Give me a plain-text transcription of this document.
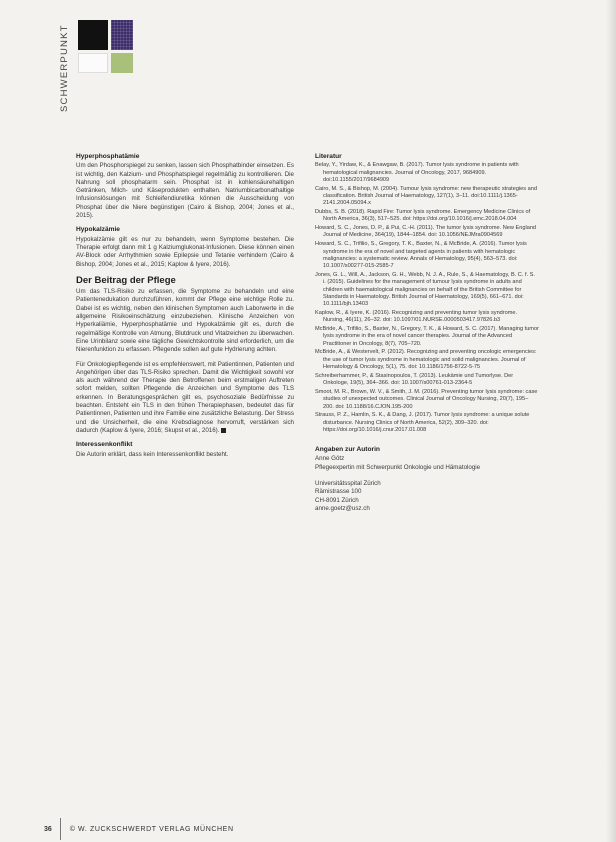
SCHWERPUNKT
Hyperphosphatämie

Um den Phosphorspiegel zu senken, lassen sich Phosphatbinder einsetzen. Es ist wichtig, den Kalzium- und Phosphatspiegel regelmäßig zu kontrollieren. Die Nahrung soll phosphatarm sein. Phosphat ist in kohlensäurehaltigen Getränken, Milch- und Käseprodukten enthalten. Natriumbicarbonathaltige Infusionslösungen mit Schleifendiuretika können die Ausscheidung von Phosphat über die Niere begünstigen (Cairo & Bishop, 2004; Jones et al., 2015).

Hypokalzämie

Hypokalzämie gilt es nur zu behandeln, wenn Symptome bestehen. Die Therapie erfolgt dann mit 1 g Kalziumglukonat-Infusionen. Diese können einen AV-Block oder Arrhythmien sowie Epilepsie und Tetanie verhindern (Cairo & Bishop, 2004; Jones et al., 2015; Kaplow & Iyere, 2016).

Der Beitrag der Pflege

Um das TLS-Risiko zu erfassen, die Symptome zu behandeln und eine Patientenedukation durchzuführen, kommt der Pflege eine wichtige Rolle zu. Dabei ist es wichtig, neben den klinischen Symptomen auch Laborwerte in die allgemeine Risikoeinschätzung einzubeziehen. Klinische Anzeichen von Hyperkaliämie, Hyperphosphatämie und Hypokalzämie gilt es, durch die regelmäßige Kontrolle von Atmung, Blutdruck und Vitalzeichen zu überwachen. Eine Urinbilanz sowie eine tägliche Gewichtskontrolle sind erforderlich, um die Nierenfunktion zu erfassen. Pflegende sollen auf gute Hydrierung achten.

Für Onkologiepflegende ist es empfehlenswert, mit Patientinnen, Patienten und Angehörigen über das TLS-Risiko sprechen. Damit die Wichtigkeit sowohl vor als auch während der Therapie den Betroffenen beim erstmaligen Auftreten sofort melden, sollten Pflegende die Anzeichen und Symptome des TLS erkennen. In Beratungsgesprächen gilt es, psychosoziale Bedürfnisse zu beachten. Entsteht ein TLS in den frühen Therapiephasen, bedeutet das für Patientinnen, Patienten und ihre Familie eine zusätzliche Belastung. Der Stress und die Unsicherheit, die eine Krebsdiagnose hervorruft, verstärken sich dadurch (Kaplow & Iyere, 2016; Skupst et al., 2016).

Interessenkonflikt

Die Autorin erklärt, dass kein Interessenkonflikt besteht.

Literatur

Belay, Y., Yirdaw, K., & Enawgaw, B. (2017). Tumor lysis syndrome in patients with hematological malignancies. Journal of Oncology, 2017, 9684909. doi:10.1155/2017/9684909

Cairo, M. S., & Bishop, M. (2004). Tumour lysis syndrome: new therapeutic strategies and classification. British Journal of Haematology, 127(1), 3–11. doi:10.1111/j.1365-2141.2004.05094.x

Dubbs, S. B. (2018). Rapid Fire: Tumor lysis syndrome. Emergency Medicine Clinics of North America, 36(3), 517–525. doi: https://doi.org/10.1016/j.emc.2018.04.004

Howard, S. C., Jones, D. P., & Pui, C.-H. (2011). The tumor lysis syndrome. New England Journal of Medicine, 364(19), 1844–1854. doi: 10.1056/NEJMra0904569

Howard, S. C., Trifilio, S., Gregory, T. K., Baxter, N., & McBride, A. (2016). Tumor lysis syndrome in the era of novel and targeted agents in patients with hematologic malignancies: a systematic review. Annals of Hematology, 95(4), 563–573. doi: 10.1007/s00277-015-2585-7

Jones, G. L., Will, A., Jackson, G. H., Webb, N. J. A., Rule, S., & Haematology, B. C. f. S. i. (2015). Guidelines for the management of tumour lysis syndrome in adults and children with haematological malignancies on behalf of the British Committee for Standards in Haematology. British Journal of Haematology, 169(5), 661–671. doi: 10.1111/bjh.13403

Kaplow, R., & Iyere, K. (2016). Recognizing and preventing tumor lysis syndrome. Nursing, 46(11), 26–32. doi: 10.1097/01.NURSE.0000503417.97826.b3

McBride, A., Trifilio, S., Baxter, N., Gregory, T. K., & Howard, S. C. (2017). Managing tumor lysis syndrome in the era of novel cancer therapies. Journal of the Advanced Practitioner in Oncology, 8(7), 705–720.

McBride, A., & Westervelt, P. (2012). Recognizing and preventing oncologic emergencies: the use of tumor lysis syndrome in hematologic and solid malignancies. Journal of Hematology & Oncology, 5(1), 75. doi: 10.1186/1756-8722-5-75

Schreiberhammer, P., & Stasinopoulos, T. (2013). Leukämie und Tumorlyse. Der Onkologe, 19(5), 364–366. doi: 10.1007/s00761-013-2364-5

Smoot, M. R., Brown, W. V., & Smith, J. M. (2016). Preventing tumor lysis syndrome: case studies of unexpected outcomes. Clinical Journal of Oncology Nursing, 20(7), 195–200. doi: 10.1188/16.CJON.195-200

Strauss, P. Z., Hamlin, S. K., & Dang, J. (2017). Tumor lysis syndrome: a unique solute disturbance. Nursing Clinics of North America, 52(2), 309–320. doi: https://doi.org/10.1016/j.cnur.2017.01.008

Angaben zur Autorin

Anne Götz

Pflegeexpertin mit Schwerpunkt Onkologie und Hämatologie

Universitätsspital Zürich

Rämistrasse 100

CH-8091 Zürich

anne.goetz@usz.ch

36	© W. ZUCKSCHWERDT VERLAG MÜNCHEN
